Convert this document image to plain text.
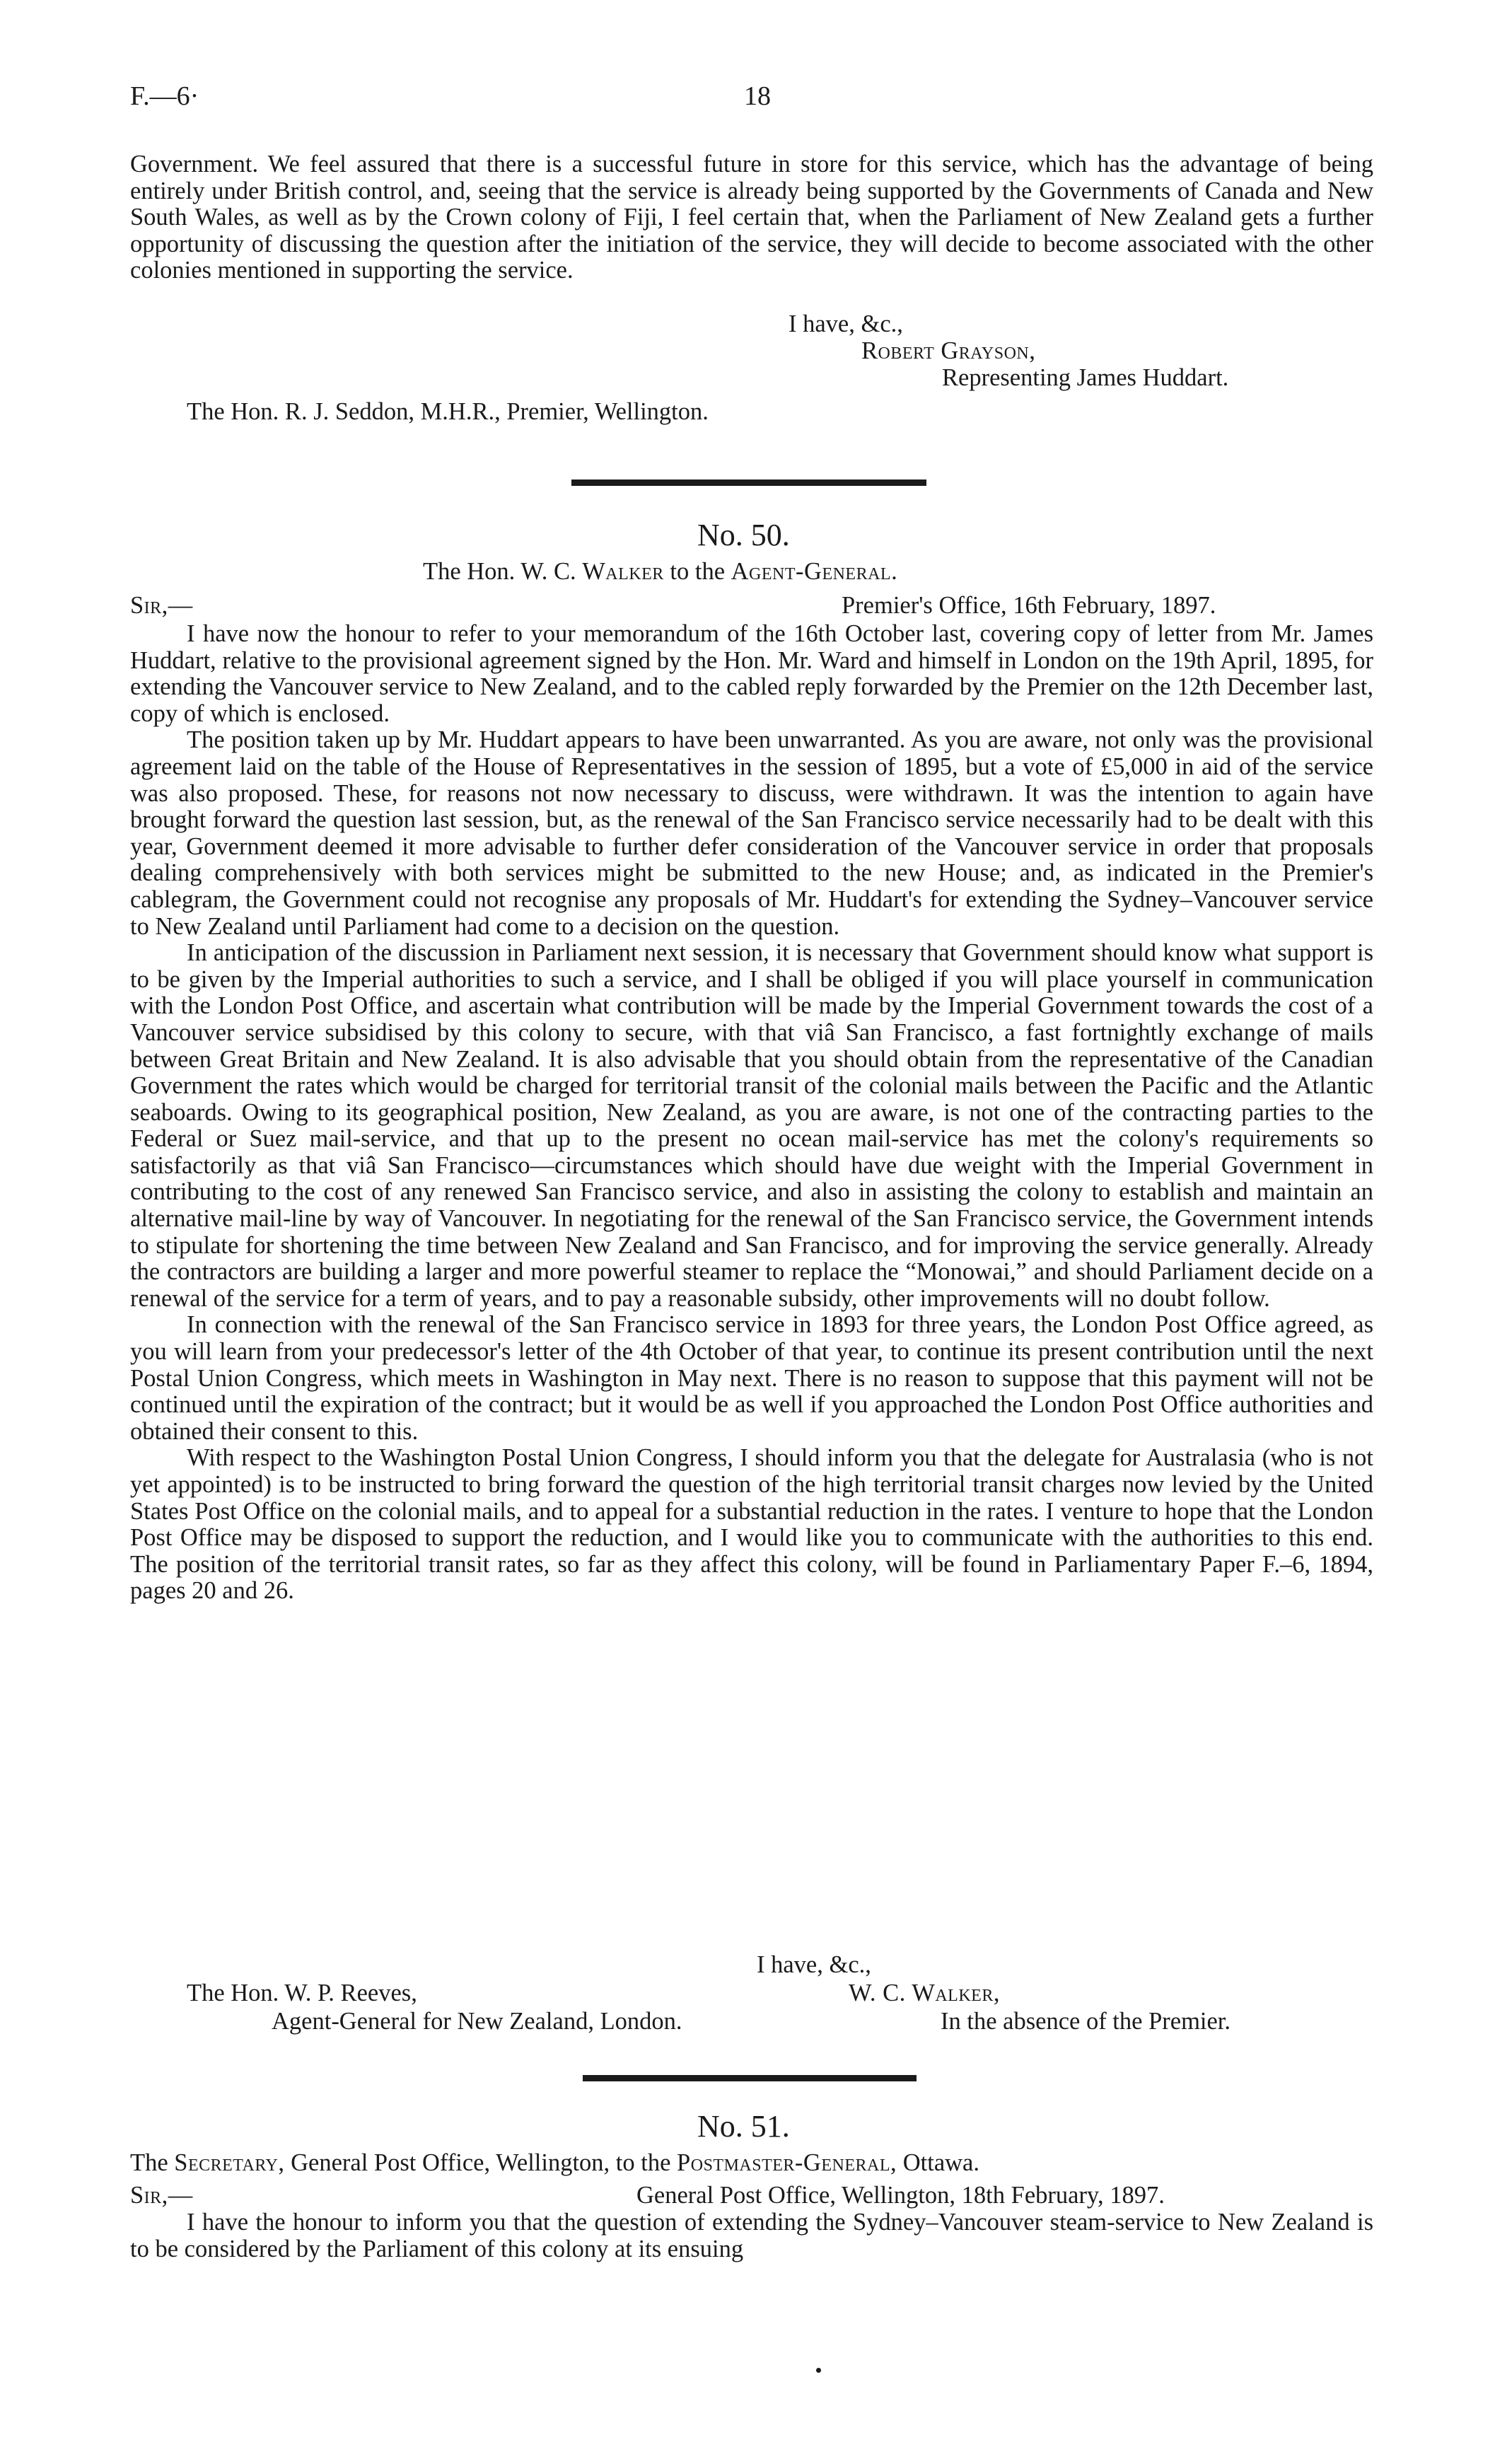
F.—6·	18

Government. We feel assured that there is a successful future in store for this service, which has the advantage of being entirely under British control, and, seeing that the service is already being supported by the Governments of Canada and New South Wales, as well as by the Crown colony of Fiji, I feel certain that, when the Parliament of New Zealand gets a further opportunity of discussing the question after the initiation of the service, they will decide to become associated with the other colonies mentioned in supporting the service.

I have, &c.,
Robert Grayson,
Representing James Huddart.
The Hon. R. J. Seddon, M.H.R., Premier, Wellington.
No. 50.
The Hon. W. C. Walker to the Agent-General.
Sir,—	Premier's Office, 16th February, 1897.

I have now the honour to refer to your memorandum of the 16th October last, covering copy of letter from Mr. James Huddart, relative to the provisional agreement signed by the Hon. Mr. Ward and himself in London on the 19th April, 1895, for extending the Vancouver service to New Zealand, and to the cabled reply forwarded by the Premier on the 12th December last, copy of which is enclosed.

The position taken up by Mr. Huddart appears to have been unwarranted. As you are aware, not only was the provisional agreement laid on the table of the House of Representatives in the session of 1895, but a vote of £5,000 in aid of the service was also proposed. These, for reasons not now necessary to discuss, were withdrawn. It was the intention to again have brought forward the question last session, but, as the renewal of the San Francisco service necessarily had to be dealt with this year, Government deemed it more advisable to further defer consideration of the Vancouver service in order that proposals dealing comprehensively with both services might be submitted to the new House; and, as indicated in the Premier's cablegram, the Government could not recognise any proposals of Mr. Huddart's for extending the Sydney–Vancouver service to New Zealand until Parliament had come to a decision on the question.

In anticipation of the discussion in Parliament next session, it is necessary that Government should know what support is to be given by the Imperial authorities to such a service, and I shall be obliged if you will place yourself in communication with the London Post Office, and ascertain what contribution will be made by the Imperial Government towards the cost of a Vancouver service subsidised by this colony to secure, with that viâ San Francisco, a fast fortnightly exchange of mails between Great Britain and New Zealand. It is also advisable that you should obtain from the representative of the Canadian Government the rates which would be charged for territorial transit of the colonial mails between the Pacific and the Atlantic seaboards. Owing to its geographical position, New Zealand, as you are aware, is not one of the contracting parties to the Federal or Suez mail-service, and that up to the present no ocean mail-service has met the colony's requirements so satisfactorily as that viâ San Francisco—circumstances which should have due weight with the Imperial Government in contributing to the cost of any renewed San Francisco service, and also in assisting the colony to establish and maintain an alternative mail-line by way of Vancouver. In negotiating for the renewal of the San Francisco service, the Government intends to stipulate for shortening the time between New Zealand and San Francisco, and for improving the service generally. Already the contractors are building a larger and more powerful steamer to replace the “Monowai,” and should Parliament decide on a renewal of the service for a term of years, and to pay a reasonable subsidy, other improvements will no doubt follow.

In connection with the renewal of the San Francisco service in 1893 for three years, the London Post Office agreed, as you will learn from your predecessor's letter of the 4th October of that year, to continue its present contribution until the next Postal Union Congress, which meets in Washington in May next. There is no reason to suppose that this payment will not be continued until the expiration of the contract; but it would be as well if you approached the London Post Office authorities and obtained their consent to this.

With respect to the Washington Postal Union Congress, I should inform you that the delegate for Australasia (who is not yet appointed) is to be instructed to bring forward the question of the high territorial transit charges now levied by the United States Post Office on the colonial mails, and to appeal for a substantial reduction in the rates. I venture to hope that the London Post Office may be disposed to support the reduction, and I would like you to communicate with the authorities to this end. The position of the territorial transit rates, so far as they affect this colony, will be found in Parliamentary Paper F.–6, 1894, pages 20 and 26.

I have, &c.,
The Hon. W. P. Reeves,	W. C. Walker,
Agent-General for New Zealand, London.	In the absence of the Premier.
No. 51.
The Secretary, General Post Office, Wellington, to the Postmaster-General, Ottawa.
Sir,—	General Post Office, Wellington, 18th February, 1897.

I have the honour to inform you that the question of extending the Sydney–Vancouver steam-service to New Zealand is to be considered by the Parliament of this colony at its ensuing
